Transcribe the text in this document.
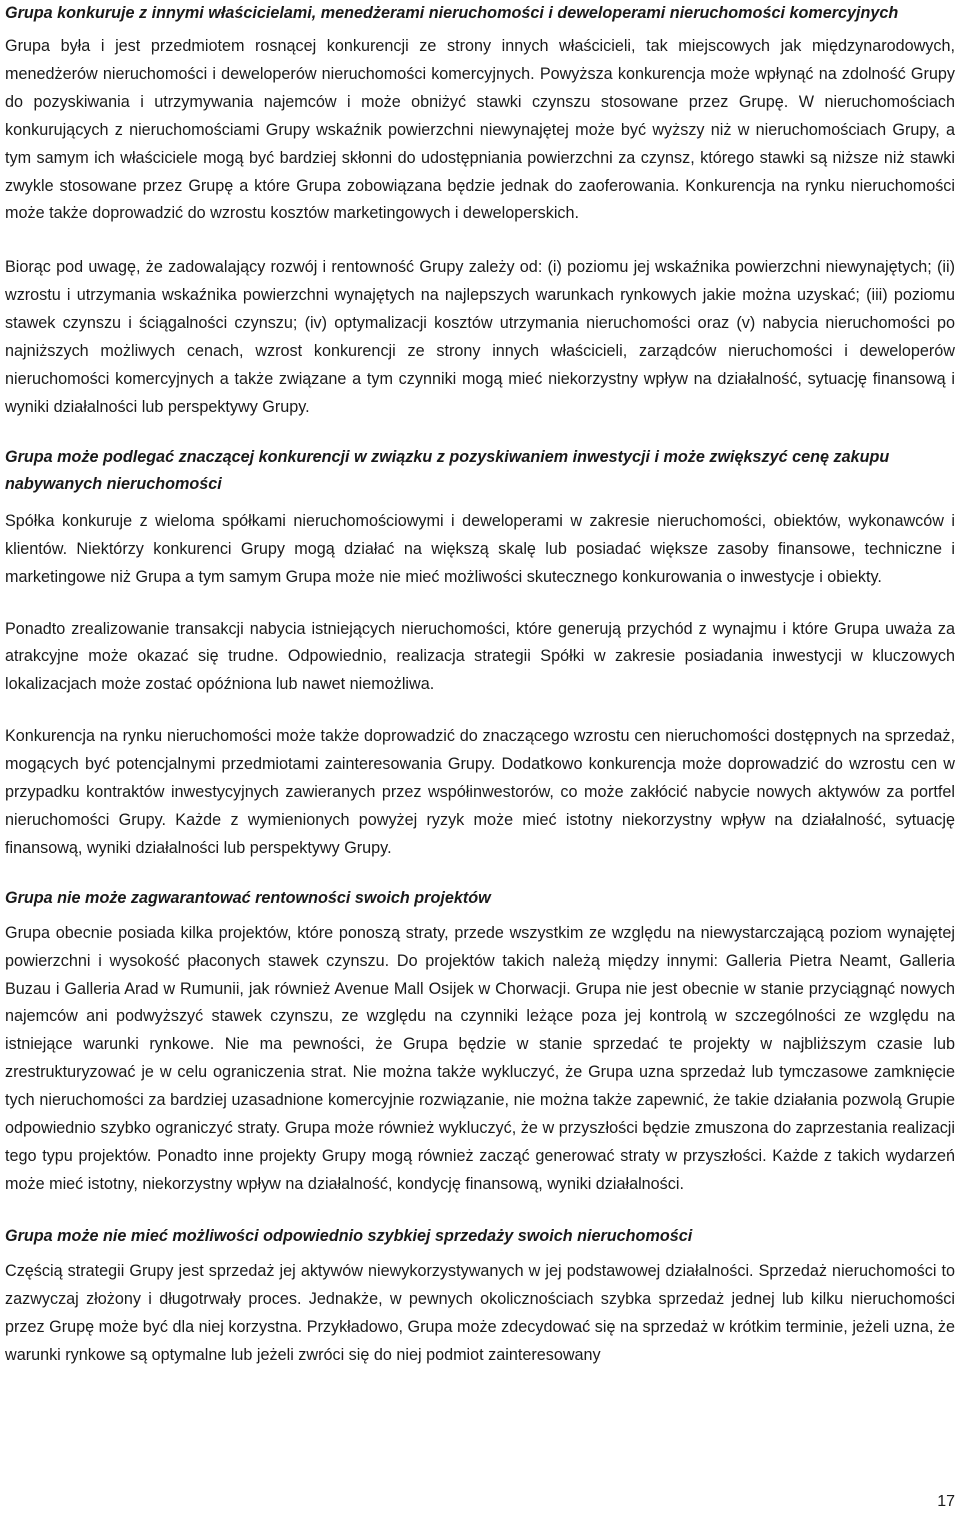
Grupa konkuruje z innymi właścicielami, menedżerami nieruchomości i deweloperami nieruchomości komercyjnych

Grupa była i jest przedmiotem rosnącej konkurencji ze strony innych właścicieli, tak miejscowych jak międzynarodowych, menedżerów nieruchomości i deweloperów nieruchomości komercyjnych. Powyższa konkurencja może wpłynąć na zdolność Grupy do pozyskiwania i utrzymywania najemców i może obniżyć stawki czynszu stosowane przez Grupę. W nieruchomościach konkurujących z nieruchomościami Grupy wskaźnik powierzchni niewynajętej może być wyższy niż w nieruchomościach Grupy, a tym samym ich właściciele mogą być bardziej skłonni do udostępniania powierzchni za czynsz, którego stawki są niższe niż stawki zwykle stosowane przez Grupę a które Grupa zobowiązana będzie jednak do zaoferowania. Konkurencja na rynku nieruchomości może także doprowadzić do wzrostu kosztów marketingowych i deweloperskich.

Biorąc pod uwagę, że zadowalający rozwój i rentowność Grupy zależy od: (i) poziomu jej wskaźnika powierzchni niewynajętych; (ii) wzrostu i utrzymania wskaźnika powierzchni wynajętych na najlepszych warunkach rynkowych jakie można uzyskać; (iii) poziomu stawek czynszu i ściągalności czynszu; (iv) optymalizacji kosztów utrzymania nieruchomości oraz (v) nabycia nieruchomości po najniższych możliwych cenach, wzrost konkurencji ze strony innych właścicieli, zarządców nieruchomości i deweloperów nieruchomości komercyjnych a także związane a tym czynniki mogą mieć niekorzystny wpływ na działalność, sytuację finansową i wyniki działalności lub perspektywy Grupy.

Grupa może podlegać znaczącej konkurencji w związku z pozyskiwaniem inwestycji i może zwiększyć cenę zakupu nabywanych nieruchomości

Spółka konkuruje z wieloma spółkami nieruchomościowymi i deweloperami w zakresie nieruchomości, obiektów, wykonawców i klientów. Niektórzy konkurenci Grupy mogą działać na większą skalę lub posiadać większe zasoby finansowe, techniczne i marketingowe niż Grupa a tym samym Grupa może nie mieć możliwości skutecznego konkurowania o inwestycje i obiekty.

Ponadto zrealizowanie transakcji nabycia istniejących nieruchomości, które generują przychód z wynajmu i które Grupa uważa za atrakcyjne może okazać się trudne. Odpowiednio, realizacja strategii Spółki w zakresie posiadania inwestycji w kluczowych lokalizacjach może zostać opóźniona lub nawet niemożliwa.

Konkurencja na rynku nieruchomości może także doprowadzić do znaczącego wzrostu cen nieruchomości dostępnych na sprzedaż, mogących być potencjalnymi przedmiotami zainteresowania Grupy. Dodatkowo konkurencja może doprowadzić do wzrostu cen w przypadku kontraktów inwestycyjnych zawieranych przez współinwestorów, co może zakłócić nabycie nowych aktywów za portfel nieruchomości Grupy. Każde z wymienionych powyżej ryzyk może mieć istotny niekorzystny wpływ na działalność, sytuację finansową, wyniki działalności lub perspektywy Grupy.

Grupa nie może zagwarantować rentowności swoich projektów

Grupa obecnie posiada kilka projektów, które ponoszą straty, przede wszystkim ze względu na niewystarczającą poziom wynajętej powierzchni i wysokość płaconych stawek czynszu. Do projektów takich należą między innymi: Galleria Pietra Neamt, Galleria Buzau i Galleria Arad w Rumunii, jak również Avenue Mall Osijek w Chorwacji. Grupa nie jest obecnie w stanie przyciągnąć nowych najemców ani podwyższyć stawek czynszu, ze względu na czynniki leżące poza jej kontrolą w szczególności ze względu na istniejące warunki rynkowe. Nie ma pewności, że Grupa będzie w stanie sprzedać te projekty w najbliższym czasie lub zrestrukturyzować je w celu ograniczenia strat. Nie można także wykluczyć, że Grupa uzna sprzedaż lub tymczasowe zamknięcie tych nieruchomości za bardziej uzasadnione komercyjnie rozwiązanie, nie można także zapewnić, że takie działania pozwolą Grupie odpowiednio szybko ograniczyć straty. Grupa może również wykluczyć, że w przyszłości będzie zmuszona do zaprzestania realizacji tego typu projektów. Ponadto inne projekty Grupy mogą również zacząć generować straty w przyszłości. Każde z takich wydarzeń może mieć istotny, niekorzystny wpływ na działalność, kondycję finansową, wyniki działalności.

Grupa może nie mieć możliwości odpowiednio szybkiej sprzedaży swoich nieruchomości

Częścią strategii Grupy jest sprzedaż jej aktywów niewykorzystywanych w jej podstawowej działalności. Sprzedaż nieruchomości to zazwyczaj złożony i długotrwały proces. Jednakże, w pewnych okolicznościach szybka sprzedaż jednej lub kilku nieruchomości przez Grupę może być dla niej korzystna. Przykładowo, Grupa może zdecydować się na sprzedaż w krótkim terminie, jeżeli uzna, że warunki rynkowe są optymalne lub jeżeli zwróci się do niej podmiot zainteresowany

17
